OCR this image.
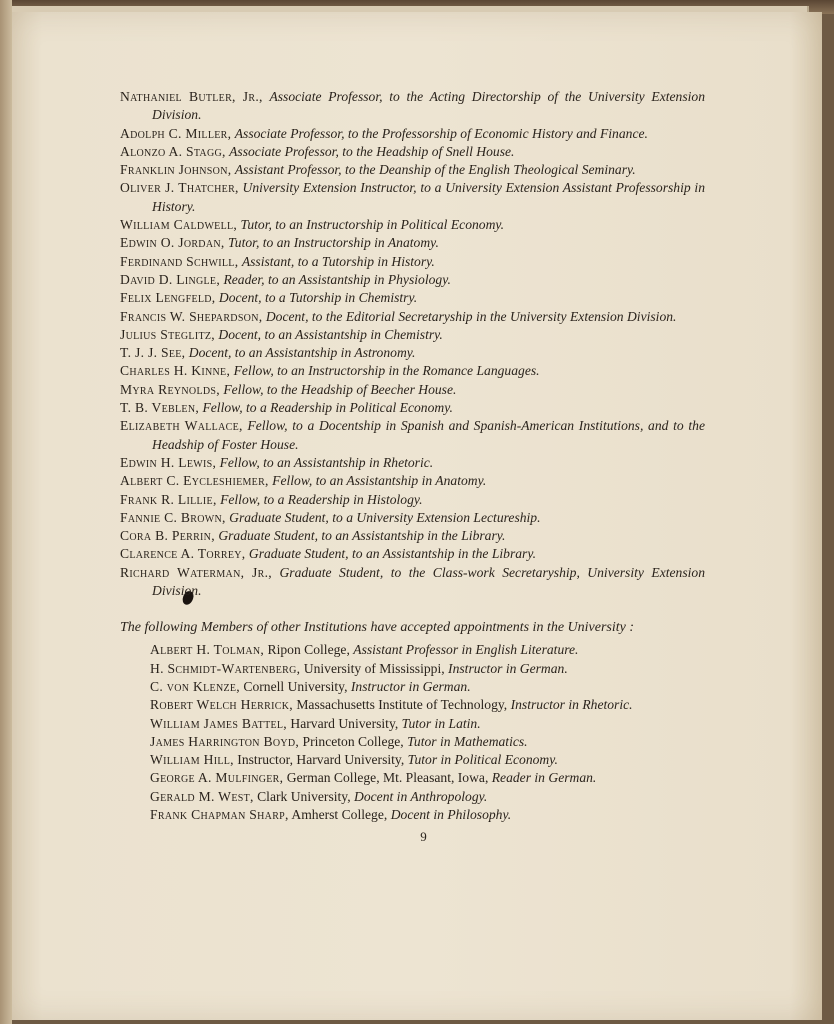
Nathaniel Butler, Jr., Associate Professor, to the Acting Directorship of the University Extension Division.

Adolph C. Miller, Associate Professor, to the Professorship of Economic History and Finance.

Alonzo A. Stagg, Associate Professor, to the Headship of Snell House.

Franklin Johnson, Assistant Professor, to the Deanship of the English Theological Seminary.

Oliver J. Thatcher, University Extension Instructor, to a University Extension Assistant Professorship in History.

William Caldwell, Tutor, to an Instructorship in Political Economy.

Edwin O. Jordan, Tutor, to an Instructorship in Anatomy.

Ferdinand Schwill, Assistant, to a Tutorship in History.

David D. Lingle, Reader, to an Assistantship in Physiology.

Felix Lengfeld, Docent, to a Tutorship in Chemistry.

Francis W. Shepardson, Docent, to the Editorial Secretaryship in the University Extension Division.

Julius Steglitz, Docent, to an Assistantship in Chemistry.

T. J. J. See, Docent, to an Assistantship in Astronomy.

Charles H. Kinne, Fellow, to an Instructorship in the Romance Languages.

Myra Reynolds, Fellow, to the Headship of Beecher House.

T. B. Veblen, Fellow, to a Readership in Political Economy.

Elizabeth Wallace, Fellow, to a Docentship in Spanish and Spanish-American Institutions, and to the Headship of Foster House.

Edwin H. Lewis, Fellow, to an Assistantship in Rhetoric.

Albert C. Eycleshiemer, Fellow, to an Assistantship in Anatomy.

Frank R. Lillie, Fellow, to a Readership in Histology.

Fannie C. Brown, Graduate Student, to a University Extension Lectureship.

Cora B. Perrin, Graduate Student, to an Assistantship in the Library.

Clarence A. Torrey, Graduate Student, to an Assistantship in the Library.

Richard Waterman, Jr., Graduate Student, to the Class-work Secretaryship, University Extension Division.

The following Members of other Institutions have accepted appointments in the University :

Albert H. Tolman, Ripon College, Assistant Professor in English Literature.

H. Schmidt-Wartenberg, University of Mississippi, Instructor in German.

C. von Klenze, Cornell University, Instructor in German.

Robert Welch Herrick, Massachusetts Institute of Technology, Instructor in Rhetoric.

William James Battel, Harvard University, Tutor in Latin.

James Harrington Boyd, Princeton College, Tutor in Mathematics.

William Hill, Instructor, Harvard University, Tutor in Political Economy.

George A. Mulfinger, German College, Mt. Pleasant, Iowa, Reader in German.

Gerald M. West, Clark University, Docent in Anthropology.

Frank Chapman Sharp, Amherst College, Docent in Philosophy.

9
